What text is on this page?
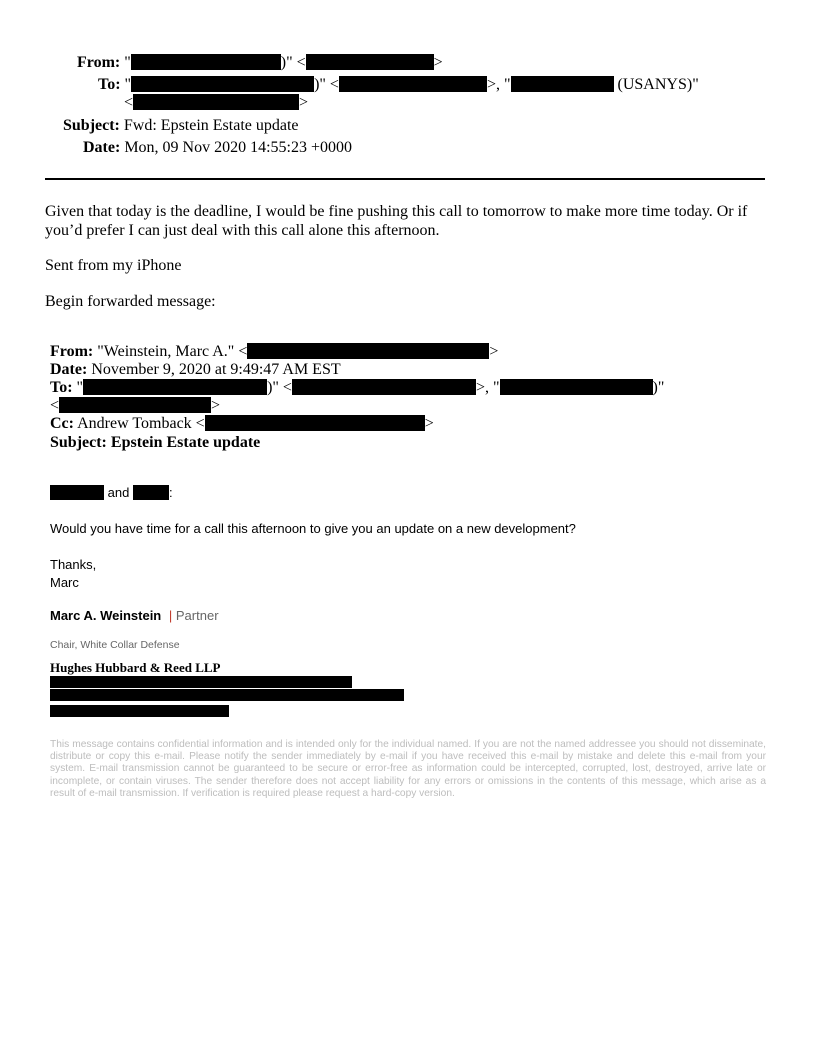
From: "	)" <	>
To: "	)" <	>, "	(USANYS)"
<	>
Subject: Fwd: Epstein Estate update
Date: Mon, 09 Nov 2020 14:55:23 +0000
Given that today is the deadline, I would be fine pushing this call to tomorrow to make more time today. Or if
you’d prefer I can just deal with this call alone this afternoon.
Sent from my iPhone
Begin forwarded message:
From: "Weinstein, Marc A." <	>
Date: November 9, 2020 at 9:49:47 AM EST
To: "	)" <	>, "	)"
<	>
Cc: Andrew Tomback <	>
Subject: Epstein Estate update
and	:
Would you have time for a call this afternoon to give you an update on a new development?
Thanks,
Marc
Marc A. Weinstein | Partner
Chair, White Collar Defense
Hughes Hubbard & Reed LLP
This message contains confidential information and is intended only for the individual named. If you are not the named addressee you should not disseminate, distribute or copy this e-mail. Please notify the sender immediately by e-mail if you have received this e-mail by mistake and delete this e-mail from your system. E-mail transmission cannot be guaranteed to be secure or error-free as information could be intercepted, corrupted, lost, destroyed, arrive late or incomplete, or contain viruses. The sender therefore does not accept liability for any errors or omissions in the contents of this message, which arise as a result of e-mail transmission. If verification is required please request a hard-copy version.
